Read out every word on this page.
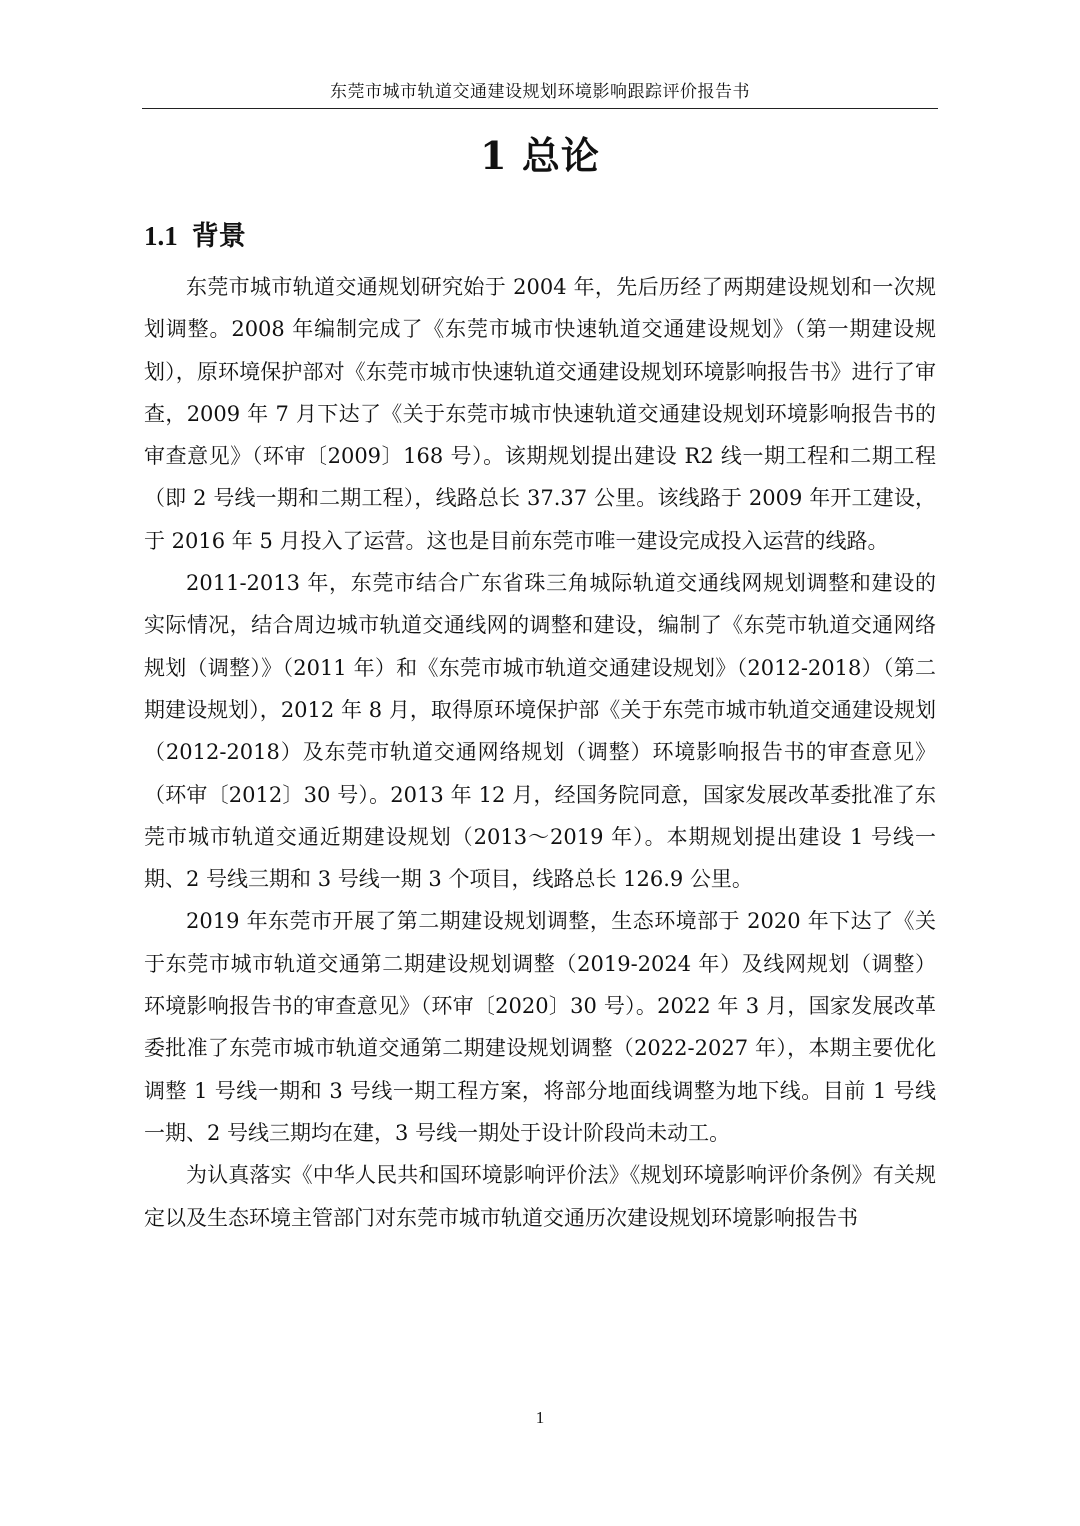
东莞市城市轨道交通建设规划环境影响跟踪评价报告书
1 总论
1.1 背景

东莞市城市轨道交通规划研究始于 2004 年，先后历经了两期建设规划和一次规划调整。2008 年编制完成了《东莞市城市快速轨道交通建设规划》（第一期建设规划），原环境保护部对《东莞市城市快速轨道交通建设规划环境影响报告书》进行了审查，2009 年 7 月下达了《关于东莞市城市快速轨道交通建设规划环境影响报告书的审查意见》（环审〔2009〕168 号）。该期规划提出建设 R2 线一期工程和二期工程（即 2 号线一期和二期工程），线路总长 37.37 公里。该线路于 2009 年开工建设，于 2016 年 5 月投入了运营。这也是目前东莞市唯一建设完成投入运营的线路。

2011-2013 年，东莞市结合广东省珠三角城际轨道交通线网规划调整和建设的实际情况，结合周边城市轨道交通线网的调整和建设，编制了《东莞市轨道交通网络规划（调整）》（2011 年）和《东莞市城市轨道交通建设规划》（2012-2018）（第二期建设规划），2012 年 8 月，取得原环境保护部《关于东莞市城市轨道交通建设规划（2012-2018）及东莞市轨道交通网络规划（调整）环境影响报告书的审查意见》（环审〔2012〕30 号）。2013 年 12 月，经国务院同意，国家发展改革委批准了东莞市城市轨道交通近期建设规划（2013～2019 年）。本期规划提出建设 1 号线一期、2 号线三期和 3 号线一期 3 个项目，线路总长 126.9 公里。

2019 年东莞市开展了第二期建设规划调整，生态环境部于 2020 年下达了《关于东莞市城市轨道交通第二期建设规划调整（2019-2024 年）及线网规划（调整）环境影响报告书的审查意见》（环审〔2020〕30 号）。2022 年 3 月，国家发展改革委批准了东莞市城市轨道交通第二期建设规划调整（2022-2027 年），本期主要优化调整 1 号线一期和 3 号线一期工程方案，将部分地面线调整为地下线。目前 1 号线一期、2 号线三期均在建，3 号线一期处于设计阶段尚未动工。

为认真落实《中华人民共和国环境影响评价法》《规划环境影响评价条例》有关规定以及生态环境主管部门对东莞市城市轨道交通历次建设规划环境影响报告书

1
